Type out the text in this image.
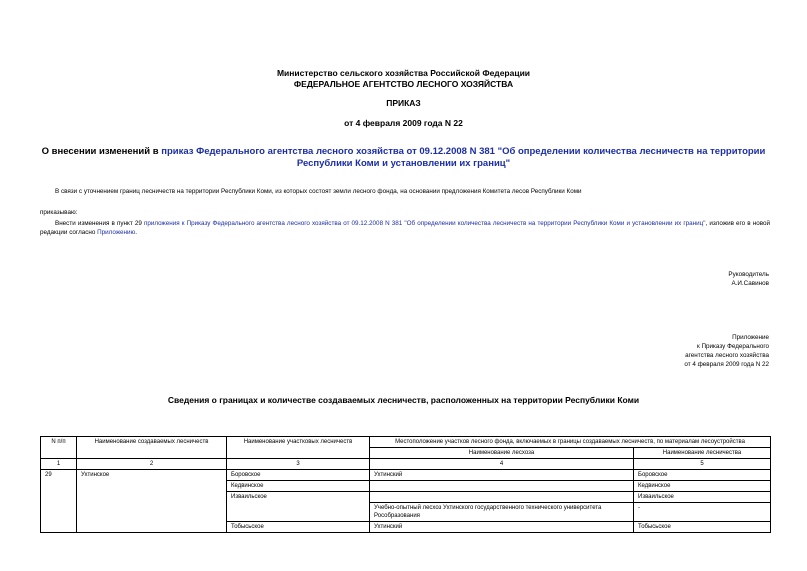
Министерство сельского хозяйства Российской Федерации
ФЕДЕРАЛЬНОЕ АГЕНТСТВО ЛЕСНОГО ХОЗЯЙСТВА
ПРИКАЗ
от 4 февраля 2009 года N 22
О внесении изменений в приказ Федерального агентства лесного хозяйства от 09.12.2008 N 381 "Об определении количества лесничеств на территории Республики Коми и установлении их границ"
В связи с уточнением границ лесничеств на территории Республики Коми, из которых состоят земли лесного фонда, на основании предложения Комитета лесов Республики Коми
приказываю:
Внести изменения в пункт 29 приложения к Приказу Федерального агентства лесного хозяйства от 09.12.2008 N 381 "Об определении количества лесничеств на территории Республики Коми и установлении их границ", изложив его в новой редакции согласно Приложению.
Руководитель
А.И.Савинов
Приложение
к Приказу Федерального
агентства лесного хозяйства
от 4 февраля 2009 года N 22
Сведения о границах и количестве создаваемых лесничеств, расположенных на территории Республики Коми
N п/п	Наименование создаваемых лесничеств	Наименование участковых лесничеств	Местоположение участков лесного фонда, включаемых в границы создаваемых лесничеств, по материалам лесоустройства	
			Наименование лесхоза	Наименование лесничества
1	2	3	4	5
29	Ухтинское	Боровское	Ухтинский	Боровское
		Кедвинское		Кедвинское
		Изваильское		Изваильское
			Учебно-опытный лесхоз Ухтинского государственного технического университета Рособразования	-
		Тобысьское	Ухтинский	Тобысьское
